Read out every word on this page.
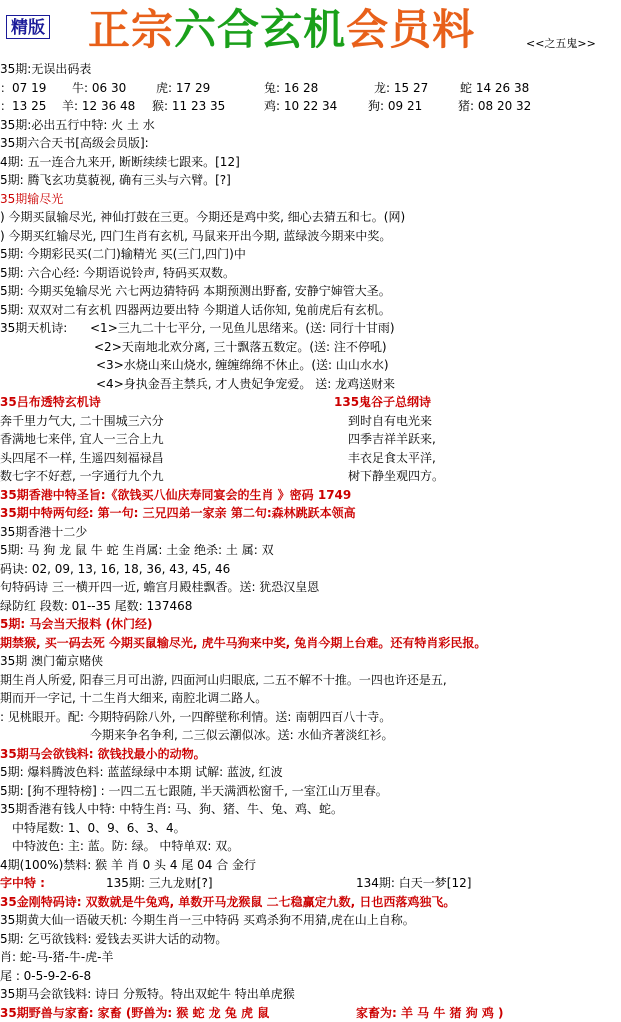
精版 正宗六合玄机会员料	<<之五鬼>>
35期:无误出码表
：07 19 牛: 06 30 虎: 17 29	兔: 16 28	龙: 15 27	蛇 14 26 38
：13 25 羊: 12 36 48 猴: 11 23 35	鸡: 10 22 34	狗: 09 21	猪: 08 20 32
35期:必出五行中特: 火 土 水
35期六合天书[高级会员版]:
4期: 五一连合九来开, 断断续续七跟来。[12]
5期: 腾飞玄功莫藐视, 确有三头与六臂。[?]
35期输尽光
) 今期买鼠输尽光, 神仙打鼓在三更。今期还是鸡中奖, 细心去猜五和七。(网)
) 今期买红输尽光, 四门生肖有玄机, 马鼠来开出今期, 蓝绿波今期来中奖。
5期: 今期彩民买(二门)输精光 买(三门,四门)中
5期: 六合心经: 今期语说铃声, 特码买双数。
5期: 今期买兔输尽光 六七两边猜特码 本期预测出野畜, 安静宁婶管大圣。
5期: 双双对二有玄机 四器两边要出特 今期道人话你知, 兔前虎后有玄机。
35期天机诗: <1>三九二十七平分, 一见鱼儿思绪来。(送: 同行十甘雨)
<2>天南地北欢分离, 三十飘落五数定。(送: 注不停吼)
<3>水烧山来山烧水, 缠缠绵绵不休止。(送: 山山水水)
<4>身执金吾主禁兵, 才人贵妃争宠爱。 送: 龙鸡送财来
35吕布透特玄机诗	135鬼谷子总纲诗
奔千里力气大, 二十围城三六分	到时自有电光来
香满地七来伴, 宜人一三合上九	四季吉祥羊跃来,
头四尾不一样, 生遥四刻福禄昌	丰衣足食太平洋,
数七字不好惹, 一字通行九个九	树下静坐观四方。
35期香港中特圣旨:《欲钱买八仙庆寿同宴会的生肖 》密码 1749
35期中特两句经: 第一句: 三兄四弟一家亲 第二句:森林跳跃本领高
35期香港十二少
5期: 马 狗 龙 鼠 牛 蛇 生肖属: 土金 绝杀: 土 属: 双
码诀: 02, 09, 13, 16, 18, 36, 43, 45, 46
句特码诗 三一横开四一近, 蟾宫月殿桂飘香。送: 犹恐汉皇恩
绿防红 段数: 01--35 尾数: 137468
5期: 马会当天报料 (休门经)
期禁猴, 买一码去死 今期买鼠输尽光, 虎牛马狗来中奖, 兔肖今期上台难。还有特肖彩民报。
35期 澳门葡京赌侠
期生肖人所爱, 阳春三月可出游, 四面河山归眼底, 二五不解不十推。一四也许还是五,
期而开一字记, 十二生肖大细来, 南腔北调二路人。
: 见桃眼开。配: 今期特码除八外, 一四醉壁称利情。送: 南朝四百八十寺。
今期来争名争利, 二三似云潮似冰。送: 水仙齐著淡红衫。
35期马会欲钱料: 欲钱找最小的动物。
5期: 爆料腾波色料: 蓝蓝绿绿中本期 试解: 蓝波, 红波
5期: [狗不理特榜] : 一四二五七跟随, 半天满洒松窗千, 一室江山万里春。
35期香港有钱人中特: 中特生肖: 马、狗、猪、牛、兔、鸡、蛇。
中特尾数: 1、0、9、6、3、4。
中特波色: 主: 蓝。防: 绿。 中特单双: 双。
4期(100%)禁料: 猴 羊 肖 0 头 4 尾 04 合 金行
字中特 :	135期: 三九龙财[?]	134期: 白天一梦[12]
35金刚特码诗: 双数就是牛兔鸡, 单数开马龙猴鼠 二七稳赢定九数, 日也西落鸡独飞。
35期黄大仙一语破天机: 今期生肖一三中特码 买鸡杀狗不用猜,虎在山上自称。
5期: 乞丐欲钱料: 爱钱去买讲大话的动物。
肖: 蛇-马-猪-牛-虎-羊
尾 : 0-5-9-2-6-8
35期马会欲钱料: 诗曰 分叛特。特出双蛇牛 特出单虎猴
35期野兽与家畜: 家畜 (野兽为: 猴 蛇 龙 兔 虎 鼠	家畜为: 羊 马 牛 猪 狗 鸡 )
